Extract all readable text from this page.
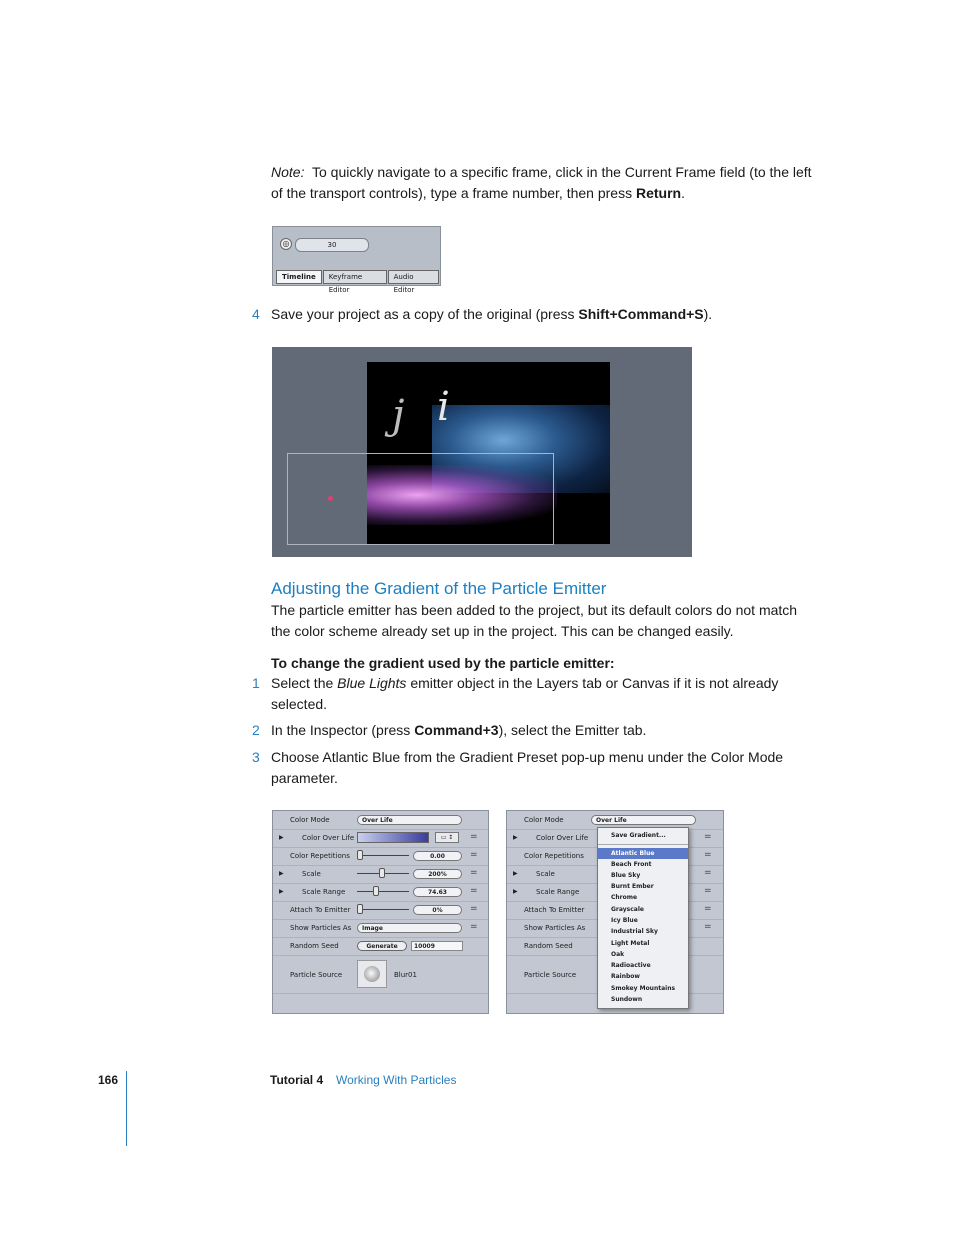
Note: To quickly navigate to a specific frame, click in the Current Frame field (to the left
of the transport controls), type a frame number, then press Return.
◎	30
Timeline	Keyframe Editor
Audio Editor
4 Save your project as a copy of the original (press Shift+Command+S).
j i
Adjusting the Gradient of the Particle Emitter
The particle emitter has been added to the project, but its default colors do not match
the color scheme already set up in the project. This can be changed easily.
To change the gradient used by the particle emitter:
1 Select the Blue Lights emitter object in the Layers tab or Canvas if it is not already
selected.
2 In the Inspector (press Command+3), select the Emitter tab.
3 Choose Atlantic Blue from the Gradient Preset pop-up menu under the Color Mode
parameter.
Color Mode	Over Life
▶	Color Over Life	▭ ↕	=
Color Repetitions	0.00	=
▶	Scale	200%	=
▶	Scale Range	74.63	=
Attach To Emitter	0%	=
Show Particles As	Image	=
Random Seed	Generate	10009
Particle Source	Blur01
Color Mode	Over Life
▶	Color Over Life	=
Color Repetitions	=
▶	Scale	=
▶	Scale Range	=
Attach To Emitter	=
Show Particles As	=
Random Seed
Particle Source
Save Gradient...
Atlantic Blue
Beach Front
Blue Sky
Burnt Ember
Chrome
Grayscale
Icy Blue
Industrial Sky
Light Metal
Oak
Radioactive
Rainbow
Smokey Mountains
Sundown
166	Tutorial 4 Working With Particles
